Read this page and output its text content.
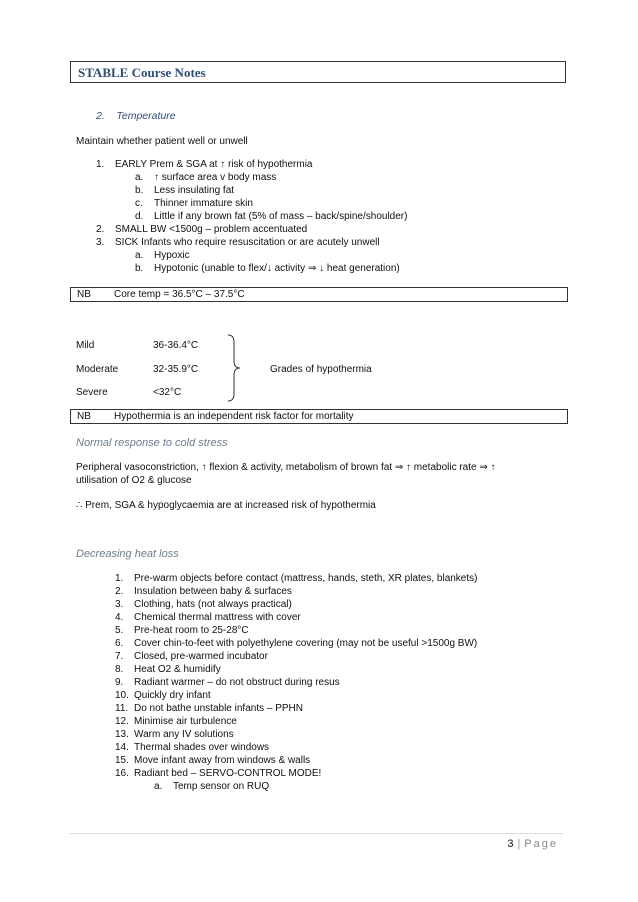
STABLE Course Notes
2.    Temperature
Maintain whether patient well or unwell
1. EARLY Prem & SGA at ↑ risk of hypothermia
a. ↑ surface area v body mass
b. Less insulating fat
c. Thinner immature skin
d. Little if any brown fat (5% of mass – back/spine/shoulder)
2. SMALL BW <1500g – problem accentuated
3. SICK Infants who require resuscitation or are acutely unwell
a. Hypoxic
b. Hypotonic (unable to flex/↓ activity ⇒ ↓ heat generation)
NB Core temp = 36.5°C – 37.5°C
Mild	36-36.4°C
Moderate	32-35.9°C
Severe	<32°C
Grades of hypothermia
NB Hypothermia is an independent risk factor for mortality
Normal response to cold stress
Peripheral vasoconstriction, ↑ flexion & activity, metabolism of brown fat ⇒ ↑ metabolic rate ⇒ ↑
utilisation of O2 & glucose
∴ Prem, SGA & hypoglycaemia are at increased risk of hypothermia
Decreasing heat loss
1. Pre-warm objects before contact (mattress, hands, steth, XR plates, blankets)
2. Insulation between baby & surfaces
3. Clothing, hats (not always practical)
4. Chemical thermal mattress with cover
5. Pre-heat room to 25-28°C
6. Cover chin-to-feet with polyethylene covering (may not be useful >1500g BW)
7. Closed, pre-warmed incubator
8. Heat O2 & humidify
9. Radiant warmer – do not obstruct during resus
10. Quickly dry infant
11. Do not bathe unstable infants – PPHN
12. Minimise air turbulence
13. Warm any IV solutions
14. Thermal shades over windows
15. Move infant away from windows & walls
16. Radiant bed – SERVO-CONTROL MODE!
a. Temp sensor on RUQ
3 | Page
